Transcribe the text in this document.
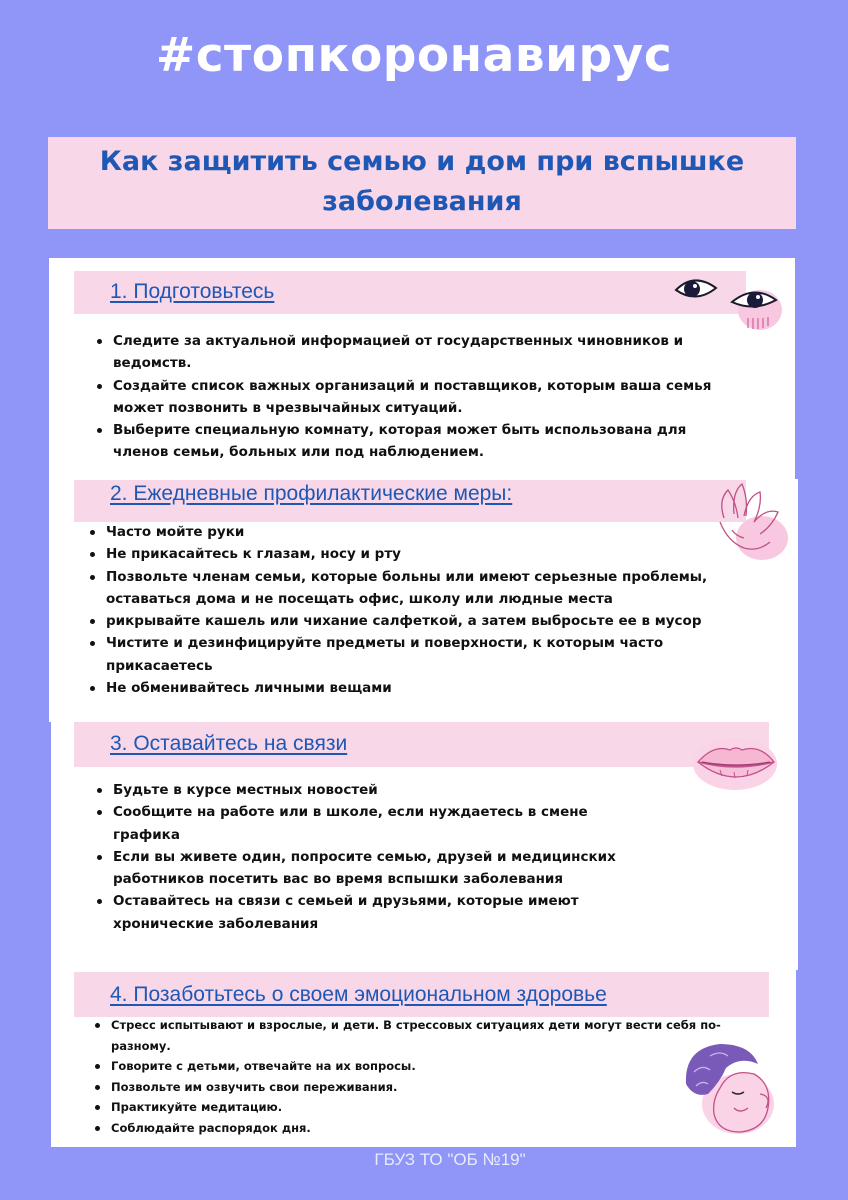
#стопкоронавирус
Как защитить семью и дом при вспышке заболевания
1. Подготовьтесь
Следите за актуальной информацией от государственных чиновников и ведомств.
Создайте список важных организаций и поставщиков, которым ваша семья может позвонить в чрезвычайных ситуаций.
Выберите специальную комнату, которая может быть использована для членов семьи, больных или под наблюдением.
2. Ежедневные профилактические меры:
Часто мойте руки
Не прикасайтесь к глазам, носу и рту
Позвольте членам семьи, которые больны или имеют серьезные проблемы, оставаться дома и не посещать офис, школу или людные места
рикрывайте кашель или чихание салфеткой, а затем выбросьте ее в мусор
Чистите и дезинфицируйте предметы и поверхности, к которым часто прикасаетесь
Не обменивайтесь личными вещами
3. Оставайтесь на связи
Будьте в курсе местных новостей
Сообщите на работе или в школе, если нуждаетесь в смене графика
Если вы живете один, попросите семью, друзей и медицинских работников посетить вас во время вспышки заболевания
Оставайтесь на связи с семьей и друзьями, которые имеют хронические заболевания
4. Позаботьтесь о своем эмоциональном здоровье
Стресс испытывают и взрослые, и дети. В стрессовых ситуациях дети могут вести себя по-разному.
Говорите с детьми, отвечайте на их вопросы.
Позвольте им озвучить свои переживания.
Практикуйте медитацию.
Соблюдайте распорядок дня.
ГБУЗ ТО "ОБ №19"
